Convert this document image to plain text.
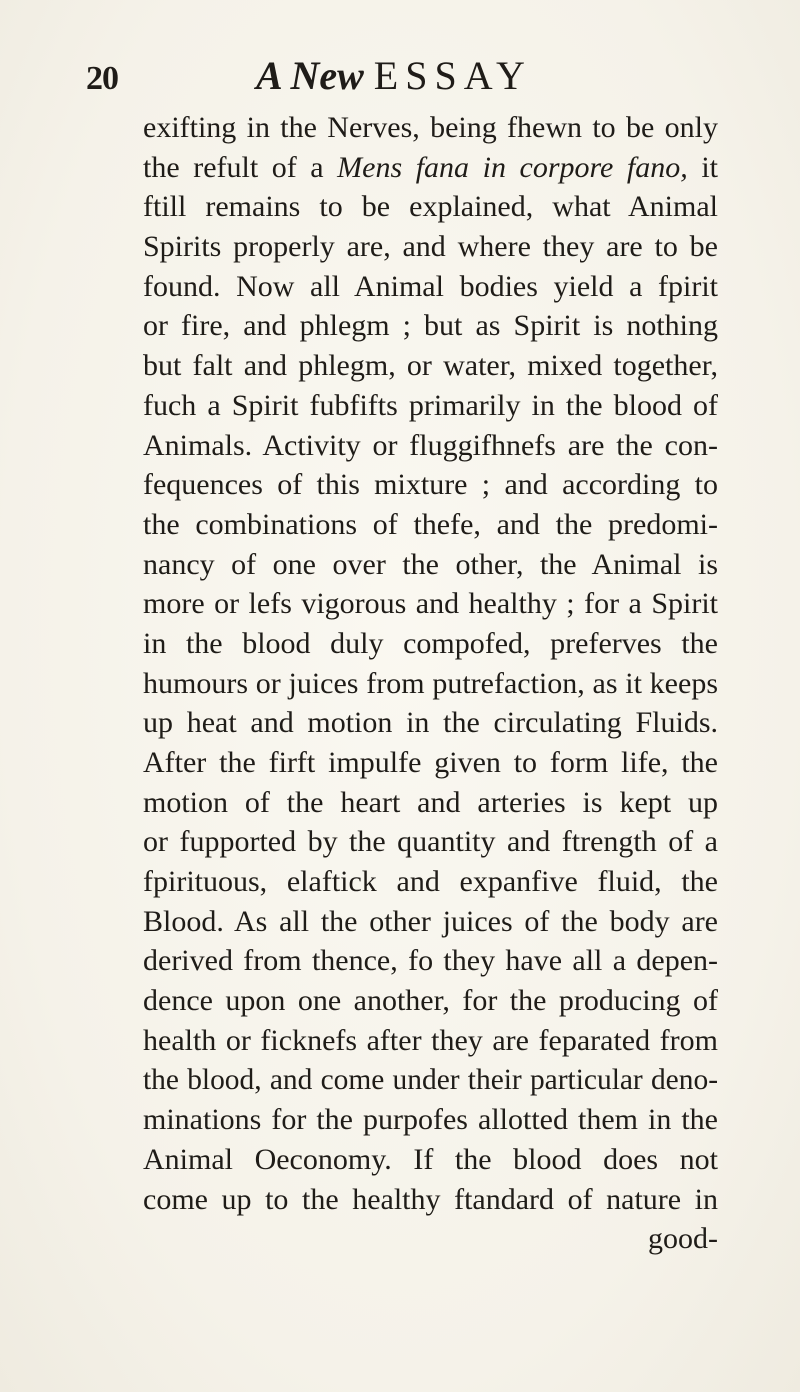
20	A New ESSAY
exifting in the Nerves, being fhewn to be only
the refult of a Mens fana in corpore fano, it
ftill remains to be explained, what Animal
Spirits properly are, and where they are to be
found. Now all Animal bodies yield a fpirit
or fire, and phlegm ; but as Spirit is nothing
but falt and phlegm, or water, mixed together,
fuch a Spirit fubfifts primarily in the blood of
Animals. Activity or fluggifhnefs are the con-
fequences of this mixture ; and according to
the combinations of thefe, and the predomi-
nancy of one over the other, the Animal is
more or lefs vigorous and healthy ; for a Spirit
in the blood duly compofed, preferves the
humours or juices from putrefaction, as it keeps
up heat and motion in the circulating Fluids.
After the firft impulfe given to form life, the
motion of the heart and arteries is kept up
or fupported by the quantity and ftrength of a
fpirituous, elaftick and expanfive fluid, the
Blood. As all the other juices of the body are
derived from thence, fo they have all a depen-
dence upon one another, for the producing of
health or ficknefs after they are feparated from
the blood, and come under their particular deno-
minations for the purpofes allotted them in the
Animal Oeconomy. If the blood does not
come up to the healthy ftandard of nature in
good-
